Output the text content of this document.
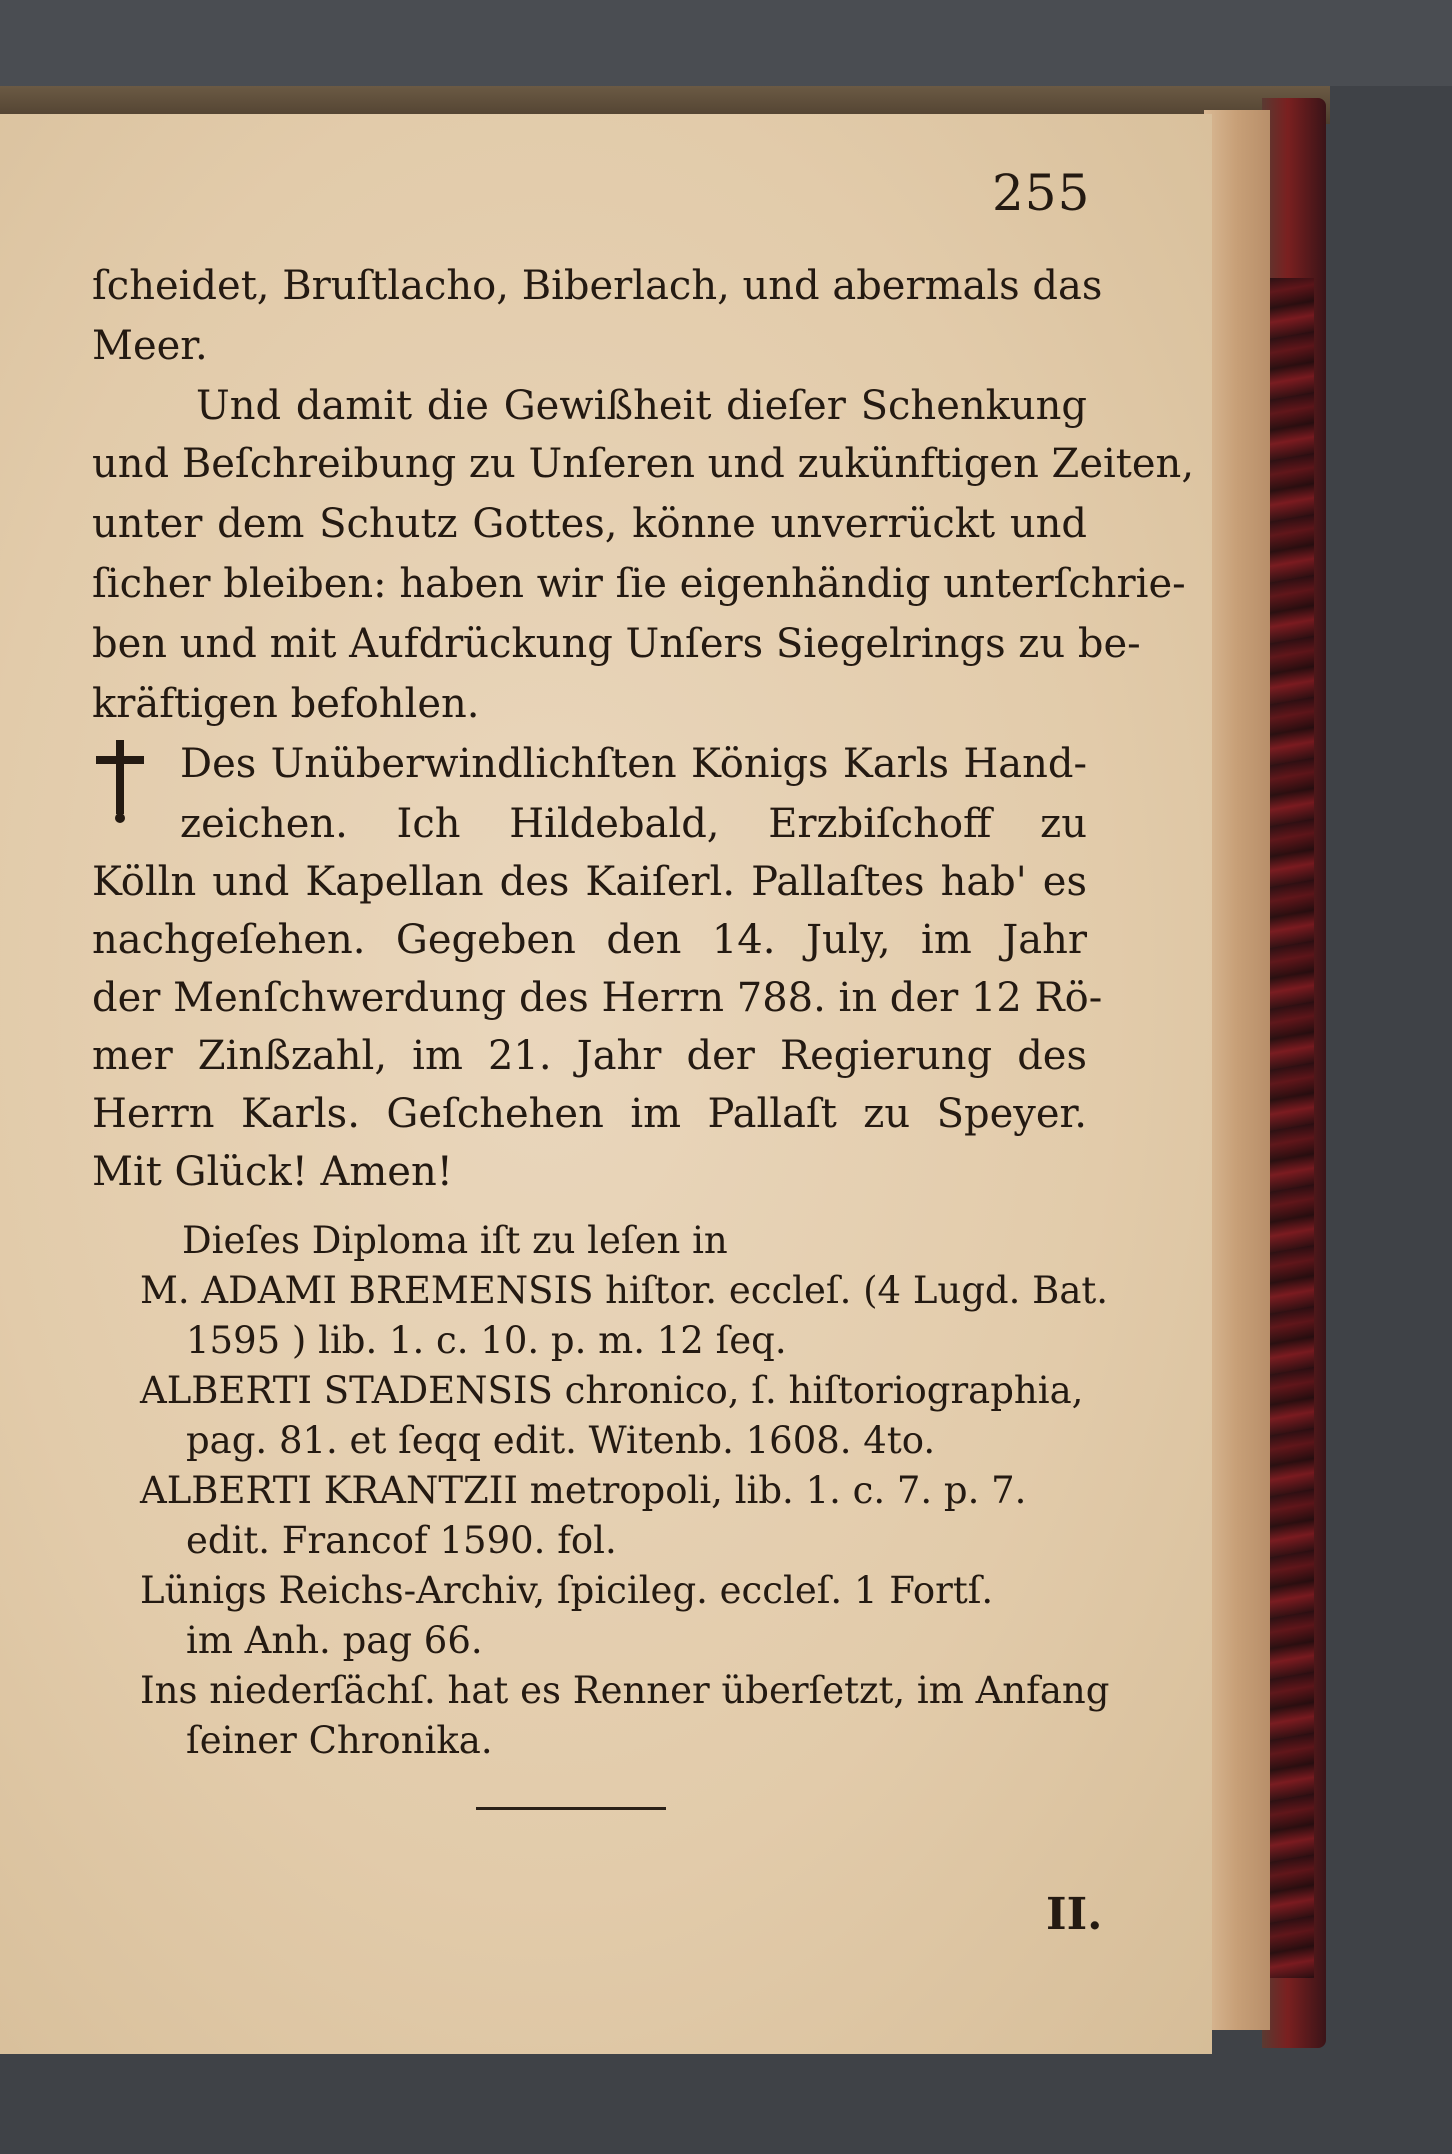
255
ſcheidet, Bruſtlacho, Biberlach, und abermals das
Meer.
Und damit die Gewißheit dieſer Schenkung
und Beſchreibung zu Unſeren und zukünftigen Zeiten,
unter dem Schutz Gottes, könne unverrückt und
ſicher bleiben: haben wir ſie eigenhändig unterſchrie-
ben und mit Aufdrückung Unſers Siegelrings zu be-
kräftigen befohlen.
Des Unüberwindlichſten Königs Karls Hand-
zeichen. Ich Hildebald, Erzbiſchoff zu
Kölln und Kapellan des Kaiſerl. Pallaſtes hab' es
nachgeſehen. Gegeben den 14. July, im Jahr
der Menſchwerdung des Herrn 788. in der 12 Rö-
mer Zinßzahl, im 21. Jahr der Regierung des
Herrn Karls. Geſchehen im Pallaſt zu Speyer.
Mit Glück! Amen!
Dieſes Diploma iſt zu leſen in
M. ADAMI BREMENSIS hiſtor. eccleſ. (4 Lugd. Bat.
1595 ) lib. 1. c. 10. p. m. 12 ſeq.
ALBERTI STADENSIS chronico, ſ. hiſtoriographia,
pag. 81. et ſeqq edit. Witenb. 1608. 4to.
ALBERTI KRANTZII metropoli, lib. 1. c. 7. p. 7.
edit. Francof 1590. fol.
Lünigs Reichs-Archiv, ſpicileg. eccleſ. 1 Fortſ.
im Anh. pag 66.
Ins niederſächſ. hat es Renner überſetzt, im Anfang
ſeiner Chronika.
II.
